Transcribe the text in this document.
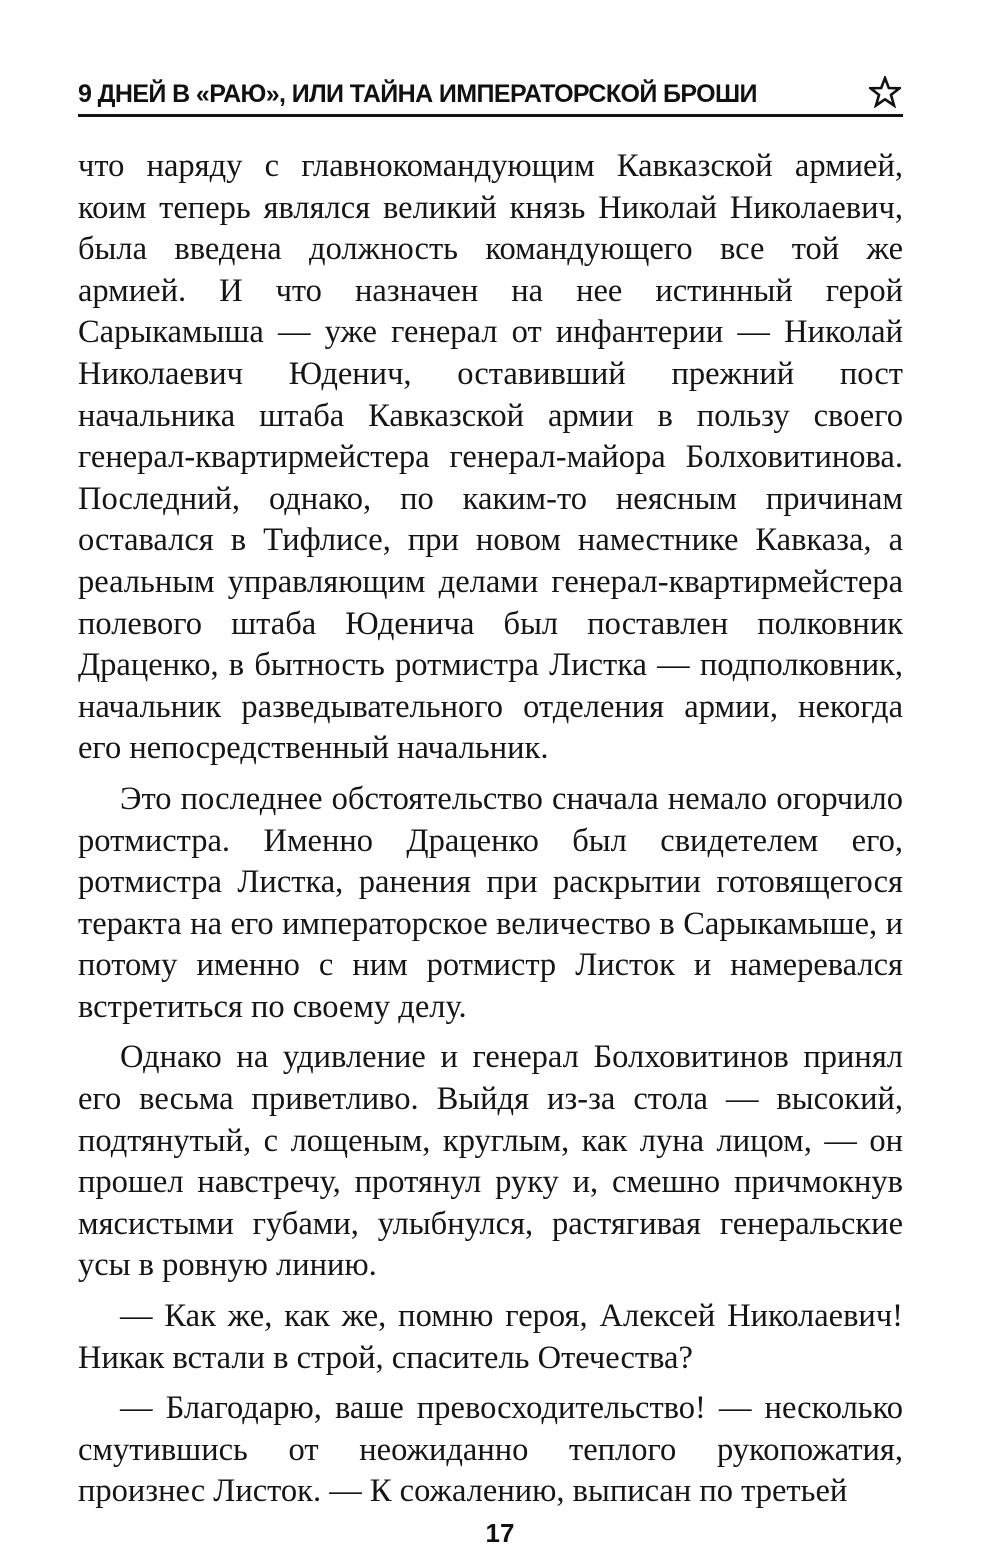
9 ДНЕЙ В «РАЮ», ИЛИ ТАЙНА ИМПЕРАТОРСКОЙ БРОШИ

что наряду с главнокомандующим Кавказской армией, коим теперь являлся великий князь Николай Николаевич, была введена должность командующего все той же армией. И что назначен на нее истинный герой Сарыкамыша — уже генерал от инфантерии — Николай Николаевич Юденич, оставивший прежний пост начальника штаба Кавказской армии в пользу своего генерал-квартирмейстера генерал-майора Болховитинова. Последний, однако, по каким-то неясным причинам оставался в Тифлисе, при новом наместнике Кавказа, а реальным управляющим делами генерал-квартирмейстера полевого штаба Юденича был поставлен полковник Драценко, в бытность ротмистра Листка — подполковник, начальник разведывательного отделения армии, некогда его непосредственный начальник.

Это последнее обстоятельство сначала немало огорчило ротмистра. Именно Драценко был свидетелем его, ротмистра Листка, ранения при раскрытии готовящегося теракта на его императорское величество в Сарыкамыше, и потому именно с ним ротмистр Листок и намеревался встретиться по своему делу.

Однако на удивление и генерал Болховитинов принял его весьма приветливо. Выйдя из-за стола — высокий, подтянутый, с лощеным, круглым, как луна лицом, — он прошел навстречу, протянул руку и, смешно причмокнув мясистыми губами, улыбнулся, растягивая генеральские усы в ровную линию.

— Как же, как же, помню героя, Алексей Николаевич! Никак встали в строй, спаситель Отечества?

— Благодарю, ваше превосходительство! — несколько смутившись от неожиданно теплого рукопожатия, произнес Листок. — К сожалению, выписан по третьей

17
